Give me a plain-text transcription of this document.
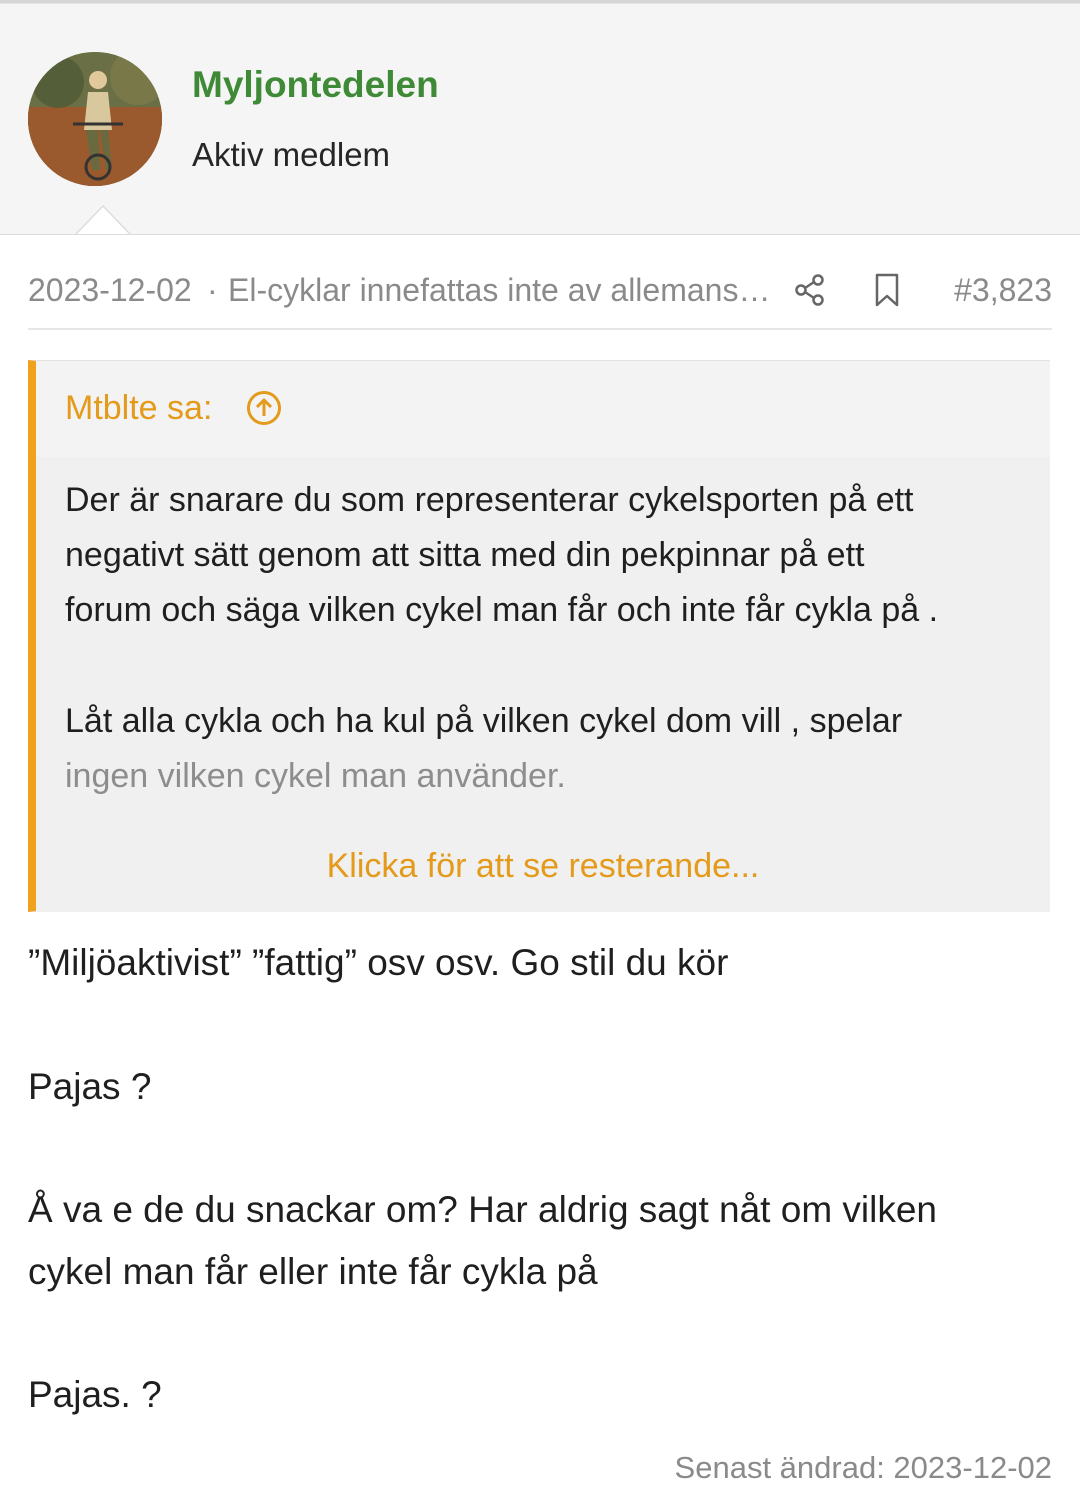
Myljontedelen
Aktiv medlem
2023-12-02 · El-cyklar innefattas inte av allemans…	#3,823
Mtblte sa:
Der är snarare du som representerar cykelsporten på ett
negativt sätt genom att sitta med din pekpinnar på ett
forum och säga vilken cykel man får och inte får cykla på .
Låt alla cykla och ha kul på vilken cykel dom vill , spelar
ingen vilken cykel man använder.
Klicka för att se resterande...
”Miljöaktivist” ”fattig” osv osv. Go stil du kör
Pajas ?
Å va e de du snackar om? Har aldrig sagt nåt om vilken
cykel man får eller inte får cykla på
Pajas. ?
Senast ändrad: 2023-12-02
